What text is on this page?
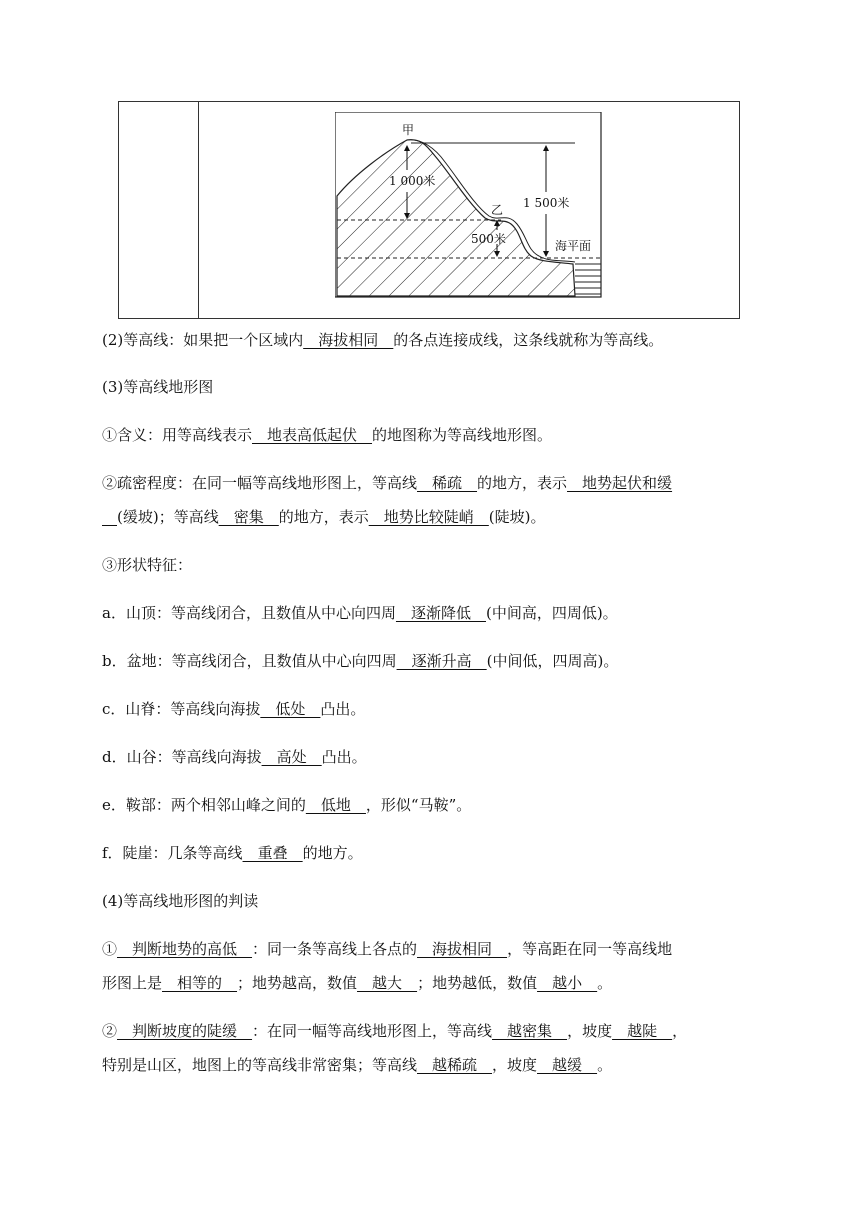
甲
乙
1 000米
1 500米
500米	海平面
(2)等高线：如果把一个区域内__海拔相同__的各点连接成线，这条线就称为等高线。
(3)等高线地形图
①含义：用等高线表示__地表高低起伏__的地图称为等高线地形图。
②疏密程度：在同一幅等高线地形图上，等高线__稀疏__的地方，表示__地势起伏和缓
__(缓坡)；等高线__密集__的地方，表示__地势比较陡峭__(陡坡)。
③形状特征：
a．山顶：等高线闭合，且数值从中心向四周__逐渐降低__(中间高，四周低)。
b．盆地：等高线闭合，且数值从中心向四周__逐渐升高__(中间低，四周高)。
c．山脊：等高线向海拔__低处__凸出。
d．山谷：等高线向海拔__高处__凸出。
e．鞍部：两个相邻山峰之间的__低地__，形似“马鞍”。
f．陡崖：几条等高线__重叠__的地方。
(4)等高线地形图的判读
①__判断地势的高低__：同一条等高线上各点的__海拔相同__，等高距在同一等高线地
形图上是__相等的__；地势越高，数值__越大__；地势越低，数值__越小__。
②__判断坡度的陡缓__：在同一幅等高线地形图上，等高线__越密集__，坡度__越陡__，
特别是山区，地图上的等高线非常密集；等高线__越稀疏__，坡度__越缓__。
